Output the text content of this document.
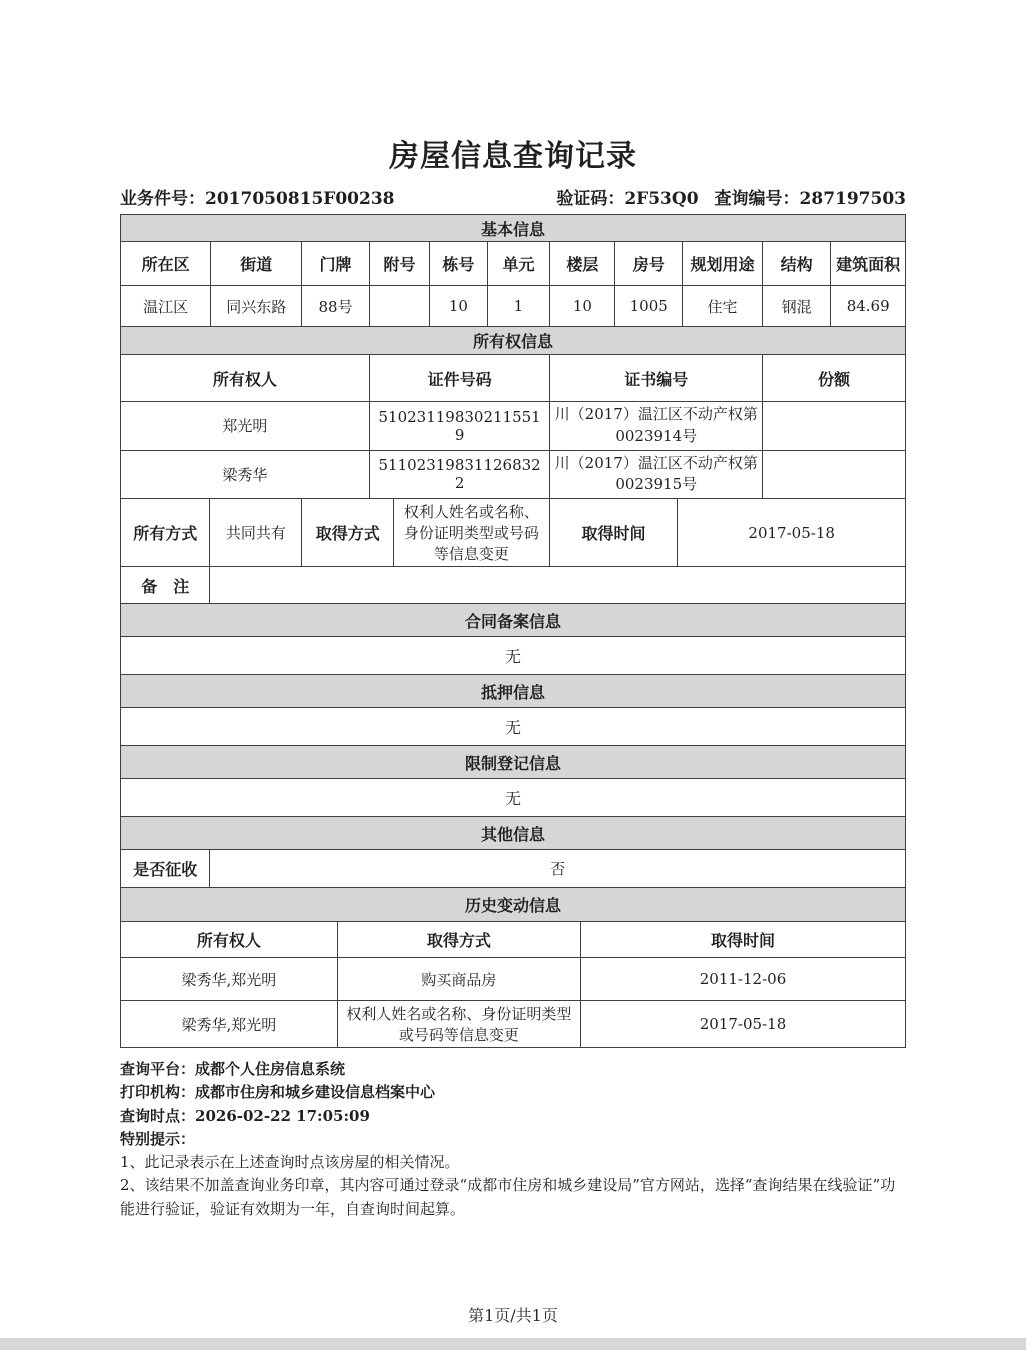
房屋信息查询记录
业务件号：2017050815F00238	验证码：2F53Q0 查询编号：287197503
基本信息
所在区	街道	门牌	附号	栋号	单元	楼层	房号	规划用途	结构	建筑面积
温江区	同兴东路	88号		10	1	10	1005	住宅	钢混	84.69
所有权信息
所有权人	证件号码	证书编号	份额
郑光明	510231198302115519	川（2017）温江区不动产权第0023914号	
梁秀华	511023198311268322	川（2017）温江区不动产权第0023915号	
所有方式	共同共有	取得方式	权利人姓名或名称、身份证明类型或号码等信息变更	取得时间	2017-05-18
备　注	
合同备案信息
无
抵押信息
无
限制登记信息
无
其他信息
是否征收	否
历史变动信息
所有权人	取得方式	取得时间
梁秀华,郑光明	购买商品房	2011-12-06
梁秀华,郑光明	权利人姓名或名称、身份证明类型或号码等信息变更	2017-05-18
查询平台：成都个人住房信息系统
打印机构：成都市住房和城乡建设信息档案中心
查询时点：2026-02-22 17:05:09
特别提示：
1、此记录表示在上述查询时点该房屋的相关情况。
2、该结果不加盖查询业务印章，其内容可通过登录“成都市住房和城乡建设局”官方网站，选择“查询结果在线验证”功能进行验证，验证有效期为一年，自查询时间起算。
第1页/共1页
